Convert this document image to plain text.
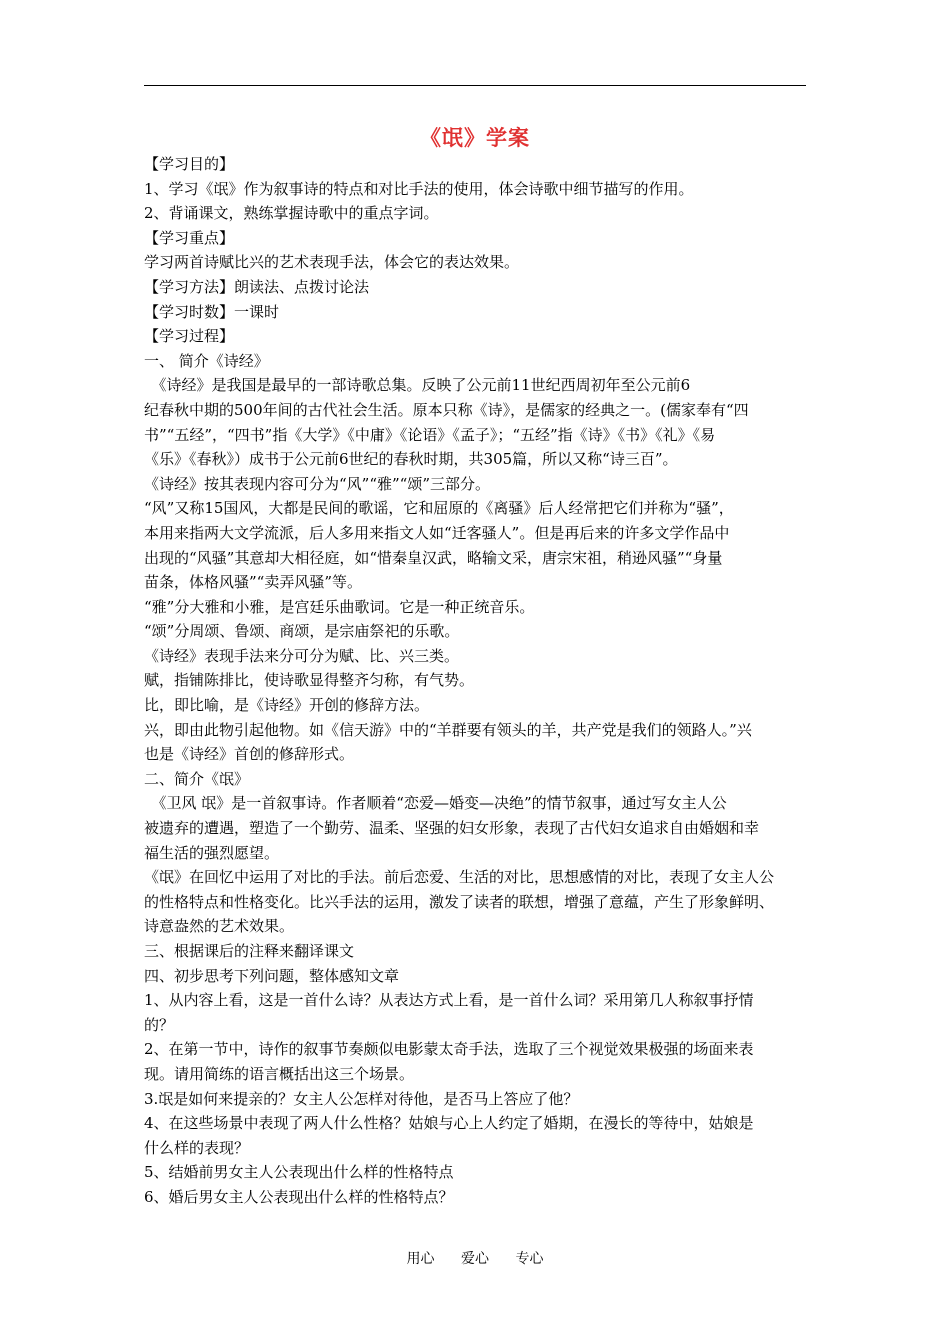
《氓》学案
【学习目的】
1、学习《氓》作为叙事诗的特点和对比手法的使用，体会诗歌中细节描写的作用。
2、背诵课文，熟练掌握诗歌中的重点字词。
【学习重点】
学习两首诗赋比兴的艺术表现手法，体会它的表达效果。
【学习方法】朗读法、点拨讨论法
【学习时数】一课时
【学习过程】
一、 简介《诗经》
　《诗经》是我国是最早的一部诗歌总集。反映了公元前11世纪西周初年至公元前6
纪春秋中期的500年间的古代社会生活。原本只称《诗》，是儒家的经典之一。(儒家奉有“四
书”“五经”，“四书”指《大学》《中庸》《论语》《孟子》；“五经”指《诗》《书》《礼》《易
《乐》《春秋》）成书于公元前6世纪的春秋时期，共305篇，所以又称“诗三百”。
《诗经》按其表现内容可分为“风”“雅”“颂”三部分。
“风”又称15国风，大都是民间的歌谣，它和屈原的《离骚》后人经常把它们并称为“骚”，
本用来指两大文学流派，后人多用来指文人如“迁客骚人”。但是再后来的许多文学作品中
出现的“风骚”其意却大相径庭，如“惜秦皇汉武，略输文采，唐宗宋祖，稍逊风骚”“身量
苗条，体格风骚”“卖弄风骚”等。
“雅”分大雅和小雅，是宫廷乐曲歌词。它是一种正统音乐。
“颂”分周颂、鲁颂、商颂，是宗庙祭祀的乐歌。
《诗经》表现手法来分可分为赋、比、兴三类。
赋，指铺陈排比，使诗歌显得整齐匀称，有气势。
比，即比喻，是《诗经》开创的修辞方法。
兴，即由此物引起他物。如《信天游》中的“羊群要有领头的羊，共产党是我们的领路人。”兴
也是《诗经》首创的修辞形式。
二、简介《氓》
　《卫风 氓》是一首叙事诗。作者顺着“恋爱—婚变—决绝”的情节叙事，通过写女主人公
被遗弃的遭遇，塑造了一个勤劳、温柔、坚强的妇女形象，表现了古代妇女追求自由婚姻和幸
福生活的强烈愿望。
《氓》在回忆中运用了对比的手法。前后恋爱、生活的对比，思想感情的对比，表现了女主人公
的性格特点和性格变化。比兴手法的运用，激发了读者的联想，增强了意蕴，产生了形象鲜明、
诗意盎然的艺术效果。
三、根据课后的注释来翻译课文
四、初步思考下列问题，整体感知文章
1、从内容上看，这是一首什么诗？从表达方式上看，是一首什么词？采用第几人称叙事抒情
的？
2、在第一节中，诗作的叙事节奏颇似电影蒙太奇手法，选取了三个视觉效果极强的场面来表
现。请用简练的语言概括出这三个场景。
3.氓是如何来提亲的？女主人公怎样对待他，是否马上答应了他？
4、在这些场景中表现了两人什么性格？姑娘与心上人约定了婚期，在漫长的等待中，姑娘是
什么样的表现？
5、结婚前男女主人公表现出什么样的性格特点
6、婚后男女主人公表现出什么样的性格特点？
用心 爱心 专心
